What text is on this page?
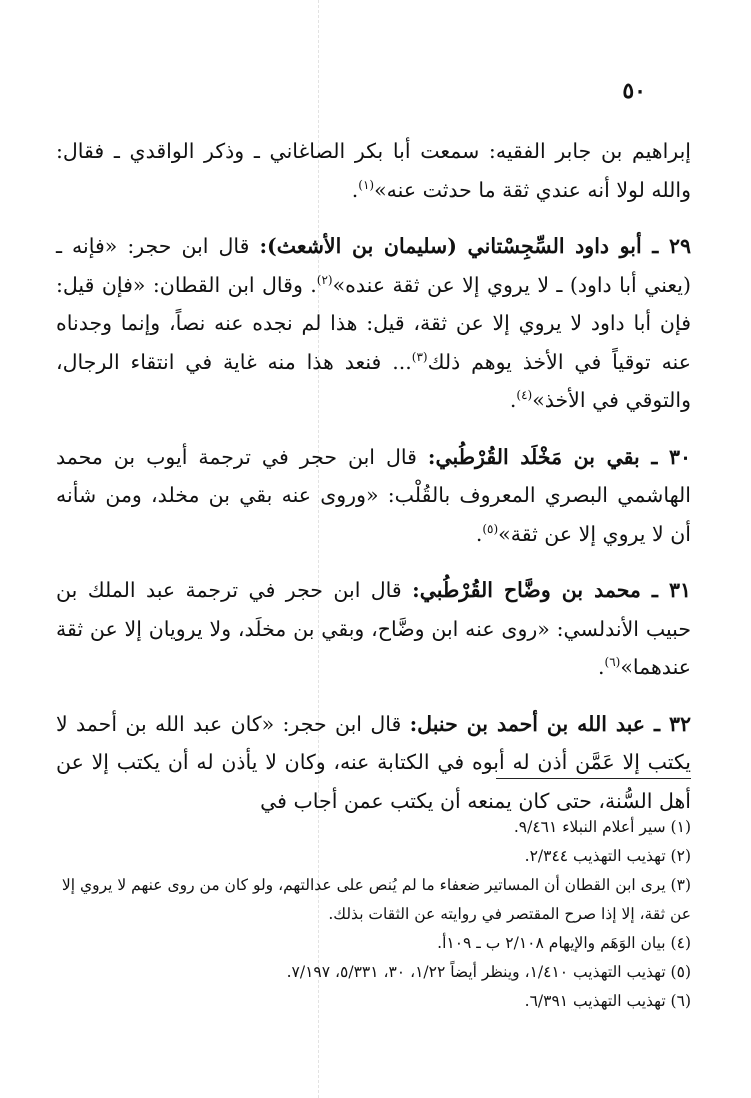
٥٠

إبراهيم بن جابر الفقيه: سمعت أبا بكر الصاغاني ـ وذكر الواقدي ـ فقال: والله لولا أنه عندي ثقة ما حدثت عنه»$^{(١)}$.

٢٩ ـ أبو داود السِّجِسْتاني (سليمان بن الأشعث): قال ابن حجر: «فإنه ـ (يعني أبا داود) ـ لا يروي إلا عن ثقة عنده»$^{(٢)}$. وقال ابن القطان: «فإن قيل: فإن أبا داود لا يروي إلا عن ثقة، قيل: هذا لم نجده عنه نصاً، وإنما وجدناه عنه توقياً في الأخذ يوهم ذلك$^{(٣)}$... فنعد هذا منه غاية في انتقاء الرجال، والتوقي في الأخذ»$^{(٤)}$.

٣٠ ـ بقي بن مَخْلَد القُرْطُبي: قال ابن حجر في ترجمة أيوب بن محمد الهاشمي البصري المعروف بالقُلْب: «وروى عنه بقي بن مخلد، ومن شأنه أن لا يروي إلا عن ثقة»$^{(٥)}$.

٣١ ـ محمد بن وضَّاح القُرْطُبي: قال ابن حجر في ترجمة عبد الملك بن حبيب الأندلسي: «روى عنه ابن وضَّاح، وبقي بن مخلَد، ولا يرويان إلا عن ثقة عندهما»$^{(٦)}$.

٣٢ ـ عبد الله بن أحمد بن حنبل: قال ابن حجر: «كان عبد الله بن أحمد لا يكتب إلا عَمَّن أذن له أبوه في الكتابة عنه، وكان لا يأذن له أن يكتب إلا عن أهل السُّنة، حتى كان يمنعه أن يكتب عمن أجاب في

(١) سير أعلام النبلاء ٩/٤٦١.

(٢) تهذيب التهذيب ٢/٣٤٤.

(٣) يرى ابن القطان أن المساتير ضعفاء ما لم يُنص على عدالتهم، ولو كان من روى عنهم لا يروي إلا عن ثقة، إلا إذا صرح المقتصر في روايته عن الثقات بذلك.

(٤) بيان الوَهَم والإيهام ٢/١٠٨ ب ـ ١٠٩أ.

(٥) تهذيب التهذيب ١/٤١٠، وينظر أيضاً ١/٢٢، ٣٠، ٥/٣٣١، ٧/١٩٧.

(٦) تهذيب التهذيب ٦/٣٩١.
